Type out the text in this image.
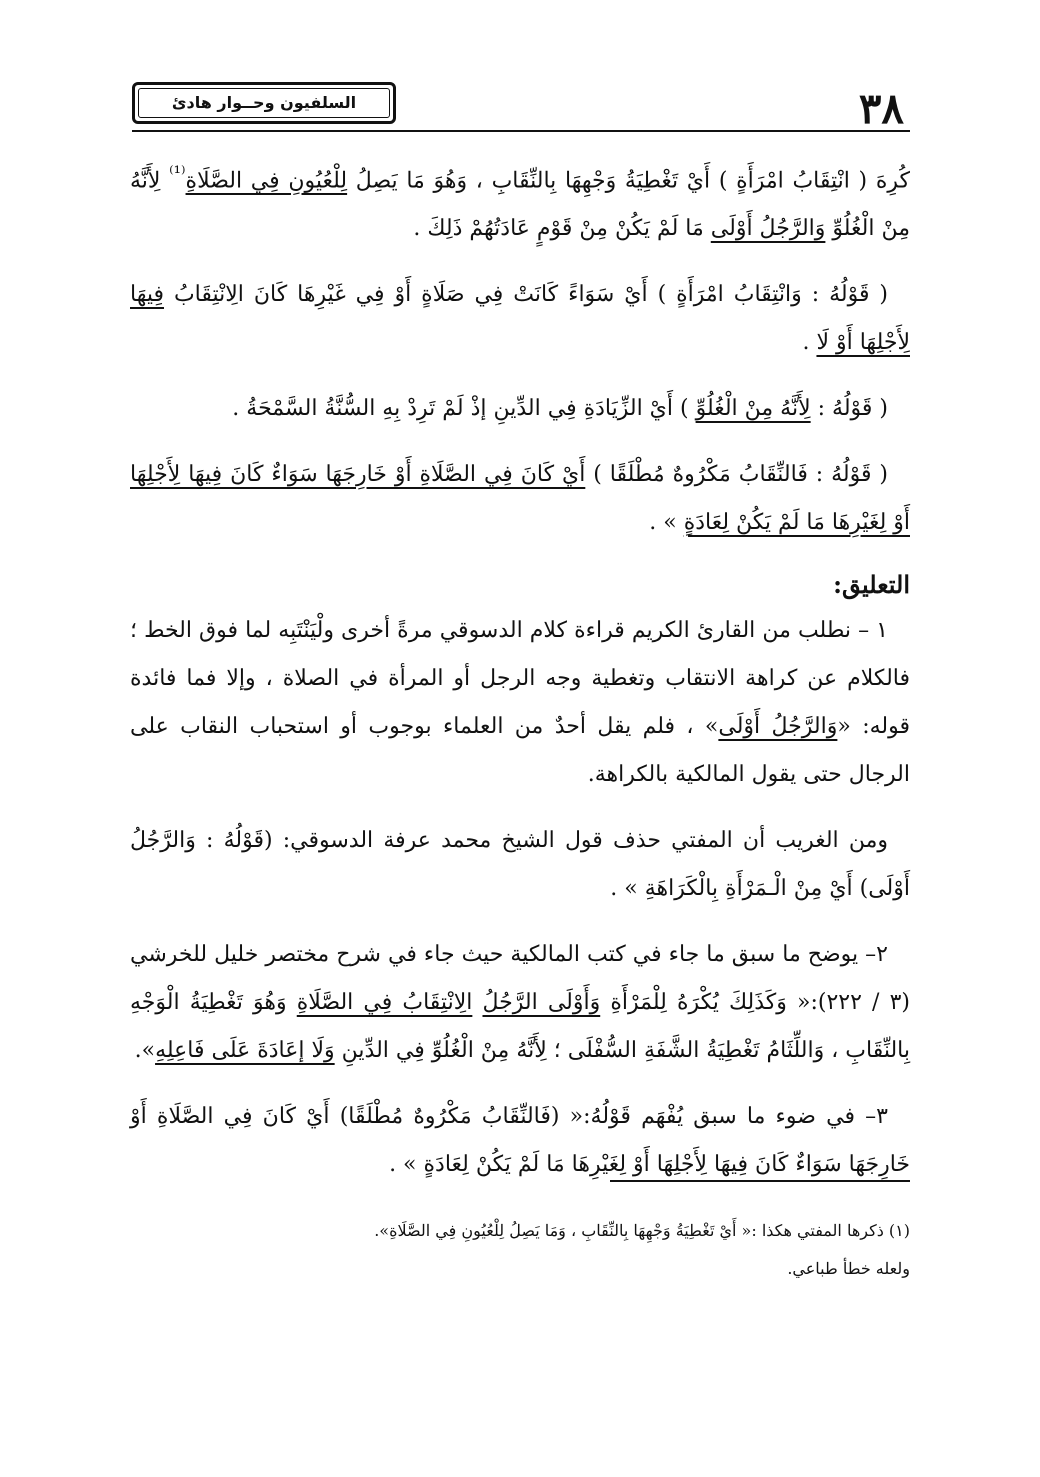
٣٨
السلفيون وحــوار هادئ

كُرِهَ ( انْتِقَابُ امْرَأَةٍ ) أَيْ تَغْطِيَةُ وَجْهِهَا بِالنِّقَابِ ، وَهُوَ مَا يَصِلُ لِلْعُيُونِ فِي الصَّلَاةِ$^{^{(1)}}$ لِأَنَّهُ مِنْ الْغُلُوِّ وَالرَّجُلُ أَوْلَى مَا لَمْ يَكُنْ مِنْ قَوْمٍ عَادَتُهُمْ ذَلِكَ .

( قَوْلُهُ : وَانْتِقَابُ امْرَأَةٍ ) أَيْ سَوَاءً كَانَتْ فِي صَلَاةٍ أَوْ فِي غَيْرِهَا كَانَ الِانْتِقَابُ فِيهَا لِأَجْلِهَا أَوْ لَا .

( قَوْلُهُ : لِأَنَّهُ مِنْ الْغُلُوِّ ) أَيْ الزِّيَادَةِ فِي الدِّينِ إذْ لَمْ تَرِدْ بِهِ السُّنَّةُ السَّمْحَةُ .

( قَوْلُهُ : فَالنِّقَابُ مَكْرُوهٌ مُطْلَقًا ) أَيْ كَانَ فِي الصَّلَاةِ أَوْ خَارِجَهَا سَوَاءٌ كَانَ فِيهَا لِأَجْلِهَا أَوْ لِغَيْرِهَا مَا لَمْ يَكُنْ لِعَادَةٍ » .

التعليق:

١ – نطلب من القارئ الكريم قراءة كلام الدسوقي مرةً أخرى ولْيَنْتَبِه لما فوق الخط ؛ فالكلام عن كراهة الانتقاب وتغطية وجه الرجل أو المرأة في الصلاة ، وإلا فما فائدة قوله: «وَالرَّجُلُ أَوْلَى» ، فلم يقل أحدٌ من العلماء بوجوب أو استحباب النقاب على الرجال حتى يقول المالكية بالكراهة.

ومن الغريب أن المفتي حذف قول الشيخ محمد عرفة الدسوقي: (قَوْلُهُ : وَالرَّجُلُ أَوْلَى) أَيْ مِنْ الْـمَرْأَةِ بِالْكَرَاهَةِ » .

٢– يوضح ما سبق ما جاء في كتب المالكية حيث جاء في شرح مختصر خليل للخرشي (٣ / ٢٢٢):« وَكَذَلِكَ يُكْرَهُ لِلْمَرْأَةِ وَأَوْلَى الرَّجُلُ الِانْتِقَابُ فِي الصَّلَاةِ وَهُوَ تَغْطِيَةُ الْوَجْهِ بِالنِّقَابِ ، وَاللِّثَامُ تَغْطِيَةُ الشَّفَةِ السُّفْلَى ؛ لِأَنَّهُ مِنْ الْغُلُوِّ فِي الدِّينِ وَلَا إعَادَةَ عَلَى فَاعِلِهِ».

٣– في ضوء ما سبق يُفْهَم قَوْلُهُ:« (فَالنِّقَابُ مَكْرُوهٌ مُطْلَقًا) أَيْ كَانَ فِي الصَّلَاةِ أَوْ خَارِجَهَا سَوَاءٌ كَانَ فِيهَا لِأَجْلِهَا أَوْ لِغَيْرِهَا مَا لَمْ يَكُنْ لِعَادَةٍ » .

(١) ذكرها المفتي هكذا :« أَيْ تَغْطِيَةُ وَجْهِهَا بِالنِّقَابِ ، وَمَا يَصِلُ لِلْعُيُونِ فِي الصَّلَاةِ».

ولعله خطأ طباعي.
